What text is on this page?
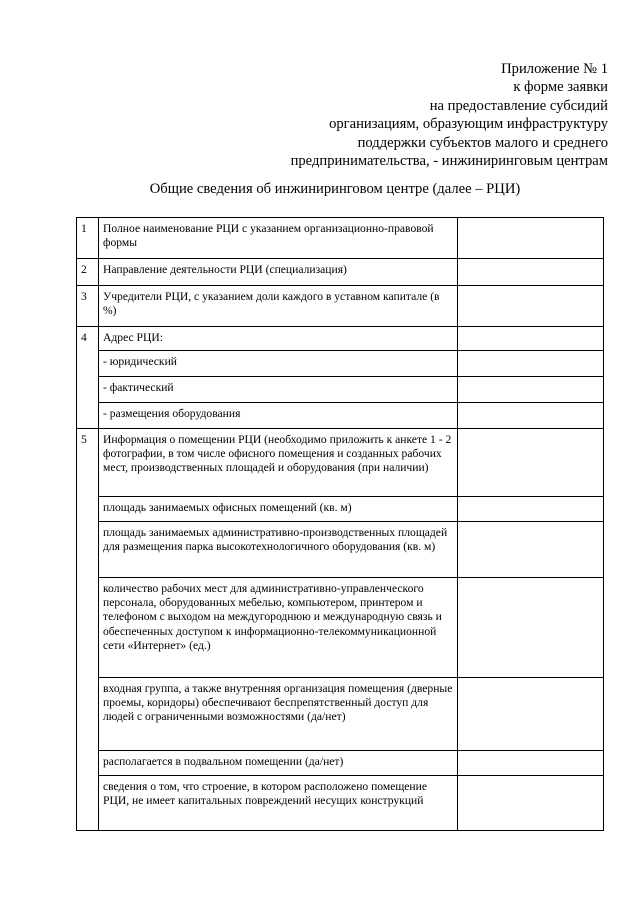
Приложение № 1
к форме заявки
на предоставление субсидий
организациям, образующим инфраструктуру
поддержки субъектов малого и среднего
предпринимательства, - инжиниринговым центрам
Общие сведения об инжиниринговом центре (далее – РЦИ)
1	Полное наименование РЦИ с указанием организационно-правовой формы	
2	Направление деятельности РЦИ (специализация)	
3	Учредители РЦИ, с указанием доли каждого в уставном капитале (в %)	
4	Адрес РЦИ:	
	- юридический	
	- фактический	
	- размещения оборудования	
5	Информация о помещении РЦИ (необходимо приложить к анкете 1 - 2 фотографии, в том числе офисного помещения и созданных рабочих мест, производственных площадей и оборудования (при наличии)	
	площадь занимаемых офисных помещений (кв. м)	
	площадь занимаемых административно-производственных площадей для размещения парка высокотехнологичного оборудования (кв. м)	
	количество рабочих мест для административно-управленческого персонала, оборудованных мебелью, компьютером, принтером и телефоном с выходом на междугороднюю и международную связь и обеспеченных доступом к информационно-телекоммуникационной сети «Интернет» (ед.)	
	входная группа, а также внутренняя организация помещения (дверные проемы, коридоры) обеспечивают беспрепятственный доступ для людей с ограниченными возможностями (да/нет)	
	располагается в подвальном помещении (да/нет)	
	сведения о том, что строение, в котором расположено помещение РЦИ, не имеет капитальных повреждений несущих конструкций	
